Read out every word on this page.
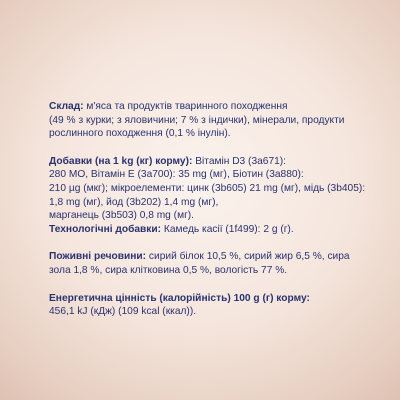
Склад: м'яса та продуктів тваринного походження
(49 % з курки; з яловичини; 7 % з індички), мінерали, продукти
рослинного походження (0,1 % інулін).

Добавки (на 1 kg (кг) корму): Вітамін D3 (3a671):
280 МО, Вітамін Е (3a700): 35 mg (мг), Біотин (3a880):
210 µg (мкг); мікроелементи: цинк (3b605) 21 mg (мг), мідь (3b405):
1,8 mg (мг), йод (3b202) 1,4 mg (мг),
марганець (3b503) 0,8 mg (мг).

Технологічні добавки: Камедь касії (1f499): 2 g (г).

Поживні речовини: сирий білок 10,5 %, сирий жир 6,5 %, сира
зола 1,8 %, сира клітковина 0,5 %, вологість 77 %.

Енергетична цінність (калорійність) 100 g (г) корму:
456,1 kJ (кДж) (109 kcal (ккал)).
